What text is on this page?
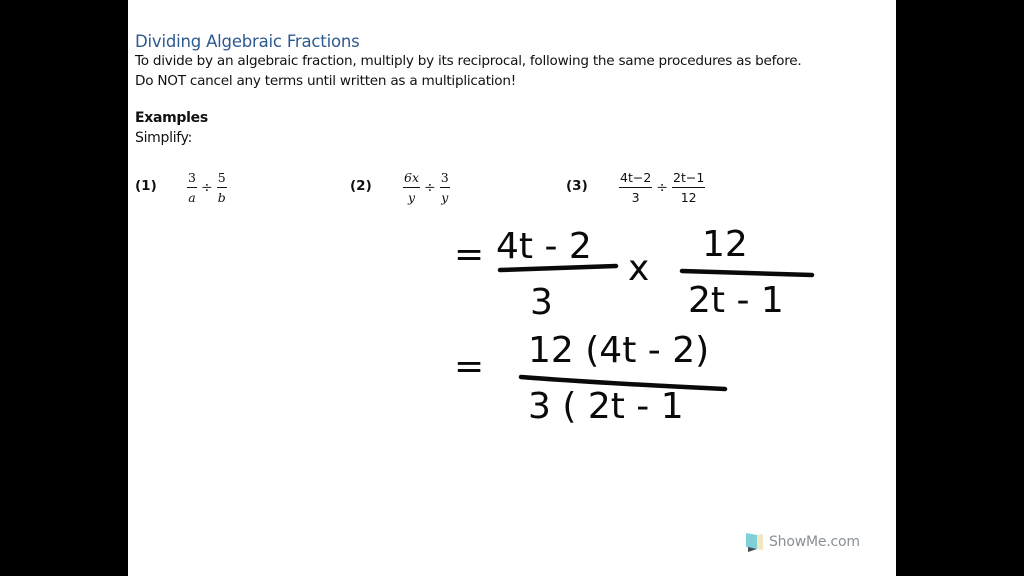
Dividing Algebraic Fractions
To divide by an algebraic fraction, multiply by its reciprocal, following the same procedures as before.
Do NOT cancel any terms until written as a multiplication!
Examples
Simplify:
$(1) \frac{3}{a} \div \frac{5}{b}$	(2)	$\frac{6x}{y} \div \frac{3}{y}$	(3)	$\frac{4t-2}{3} \div \frac{2t-1}{12}$
= 4t - 2
3
x
12
2t - 1
= 12 (4t - 2)
3 ( 2t - 1
ShowMe.com
